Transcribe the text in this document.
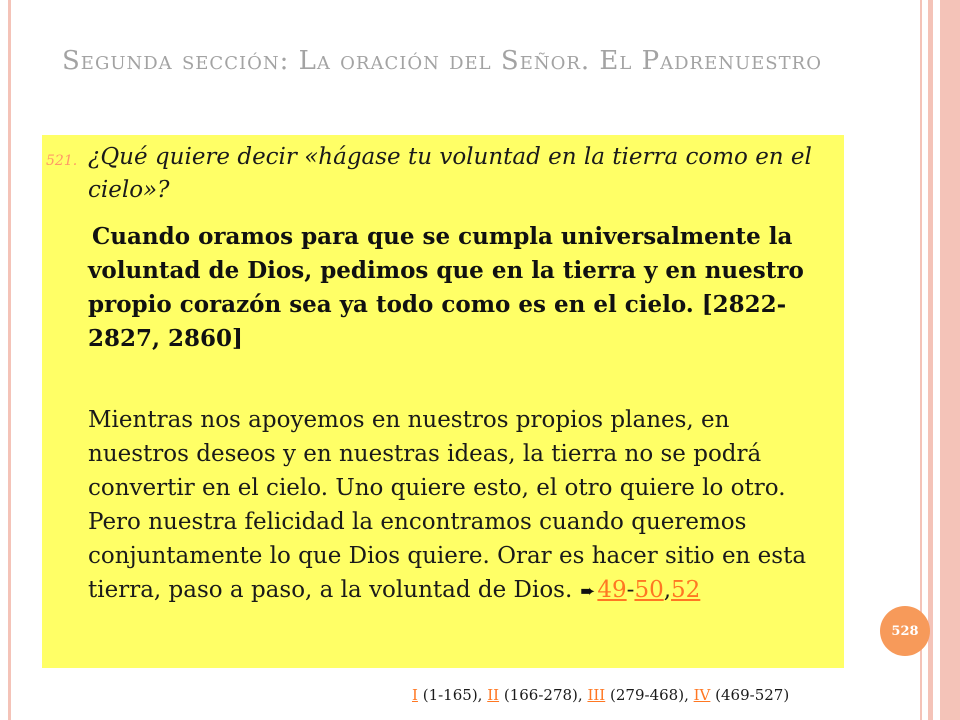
Segunda sección: La oración del Señor. El Padrenuestro
521. ¿Qué quiere decir «hágase tu voluntad en la tierra como en el cielo»?
Cuando oramos para que se cumpla universalmente la voluntad de Dios, pedimos que en la tierra y en nuestro propio corazón sea ya todo como es en el cielo. [2822-2827, 2860]
Mientras nos apoyemos en nuestros propios planes, en nuestros deseos y en nuestras ideas, la tierra no se podrá convertir en el cielo. Uno quiere esto, el otro quiere lo otro. Pero nuestra felicidad la encontramos cuando queremos conjuntamente lo que Dios quiere. Orar es hacer sitio en esta tierra, paso a paso, a la voluntad de Dios. ➨49-50,52
528
I (1-165), II (166-278), III (279-468), IV (469-527)
